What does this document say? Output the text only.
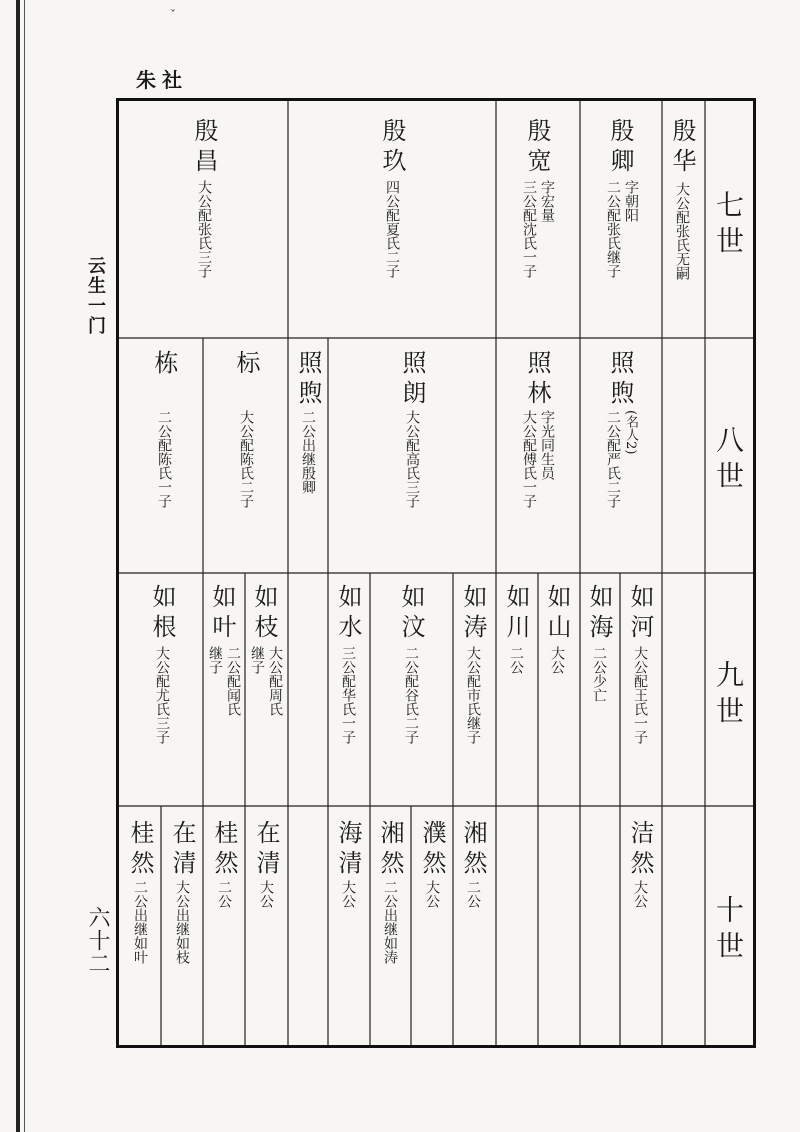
ˇ
朱社
云生一门
六十二
七世
八世
九世
十世
殷华
大公配张氏无嗣
殷卿
字朝阳
二公配张氏继子
殷宽
字宏量
三公配沈氏一子
殷玖
四公配夏氏二子
殷昌
大公配张氏三子
照煦
(名人2)
二公配严氏二子
照林
字光同生员
大公配傅氏一子
照朗
大公配高氏三子
照煦
二公出继殷卿
标
大公配陈氏二子
栋
二公配陈氏一子
如河
大公配王氏一子
如海
二公少亡
如山
大公
如川
二公
如涛
大公配市氏继子
如汶
二公配谷氏二子
如水
三公配华氏一子
如枝
大公配周氏
继子
如叶
二公配闻氏
继子
如根
大公配尤氏三子
洁然
大公
湘然
二公
濮然
大公
湘然
二公出继如涛
海清
大公
在清
大公
桂然
二公
在清
大公出继如枝
桂然
二公出继如叶
